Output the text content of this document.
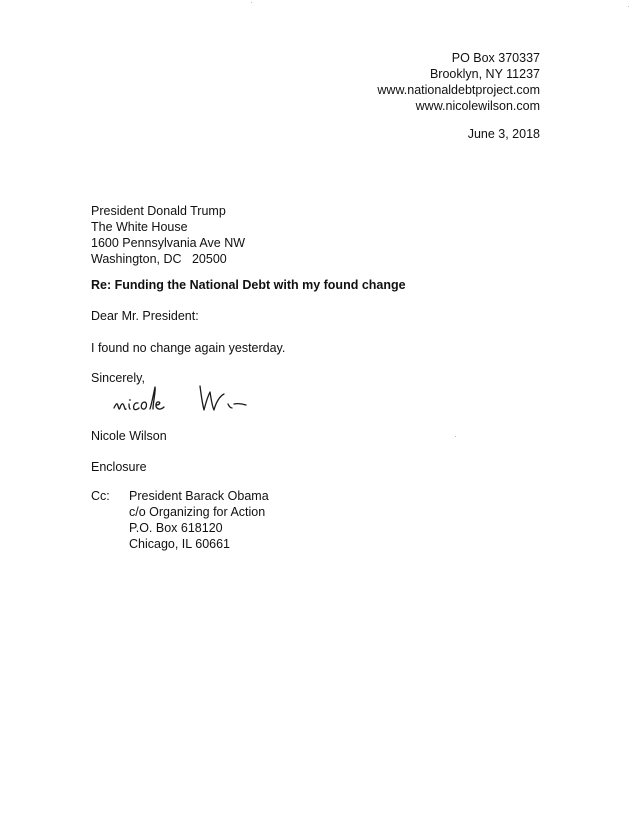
PO Box 370337
Brooklyn, NY 11237
www.nationaldebtproject.com
www.nicolewilson.com
June 3, 2018
President Donald Trump
The White House
1600 Pennsylvania Ave NW
Washington, DC   20500
Re: Funding the National Debt with my found change
Dear Mr. President:
I found no change again yesterday.
Sincerely,
Nicole Wilson
Enclosure
Cc: President Barack Obama
c/o Organizing for Action
P.O. Box 618120
Chicago, IL 60661
